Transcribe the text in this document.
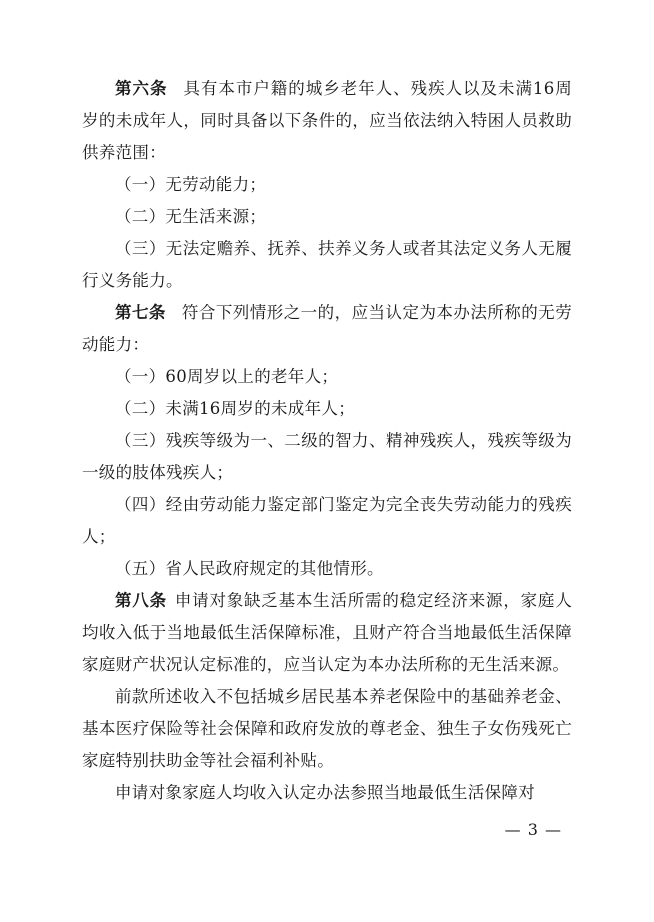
第六条 具有本市户籍的城乡老年人、残疾人以及未满16周岁的未成年人，同时具备以下条件的，应当依法纳入特困人员救助供养范围：

（一）无劳动能力；

（二）无生活来源；

（三）无法定赡养、抚养、扶养义务人或者其法定义务人无履行义务能力。

第七条 符合下列情形之一的，应当认定为本办法所称的无劳动能力：

（一）60周岁以上的老年人；

（二）未满16周岁的未成年人；

（三）残疾等级为一、二级的智力、精神残疾人，残疾等级为一级的肢体残疾人；

（四）经由劳动能力鉴定部门鉴定为完全丧失劳动能力的残疾人；

（五）省人民政府规定的其他情形。

第八条 申请对象缺乏基本生活所需的稳定经济来源，家庭人均收入低于当地最低生活保障标准，且财产符合当地最低生活保障家庭财产状况认定标准的，应当认定为本办法所称的无生活来源。

前款所述收入不包括城乡居民基本养老保险中的基础养老金、基本医疗保险等社会保障和政府发放的尊老金、独生子女伤残死亡家庭特别扶助金等社会福利补贴。

申请对象家庭人均收入认定办法参照当地最低生活保障对

— 3 —
